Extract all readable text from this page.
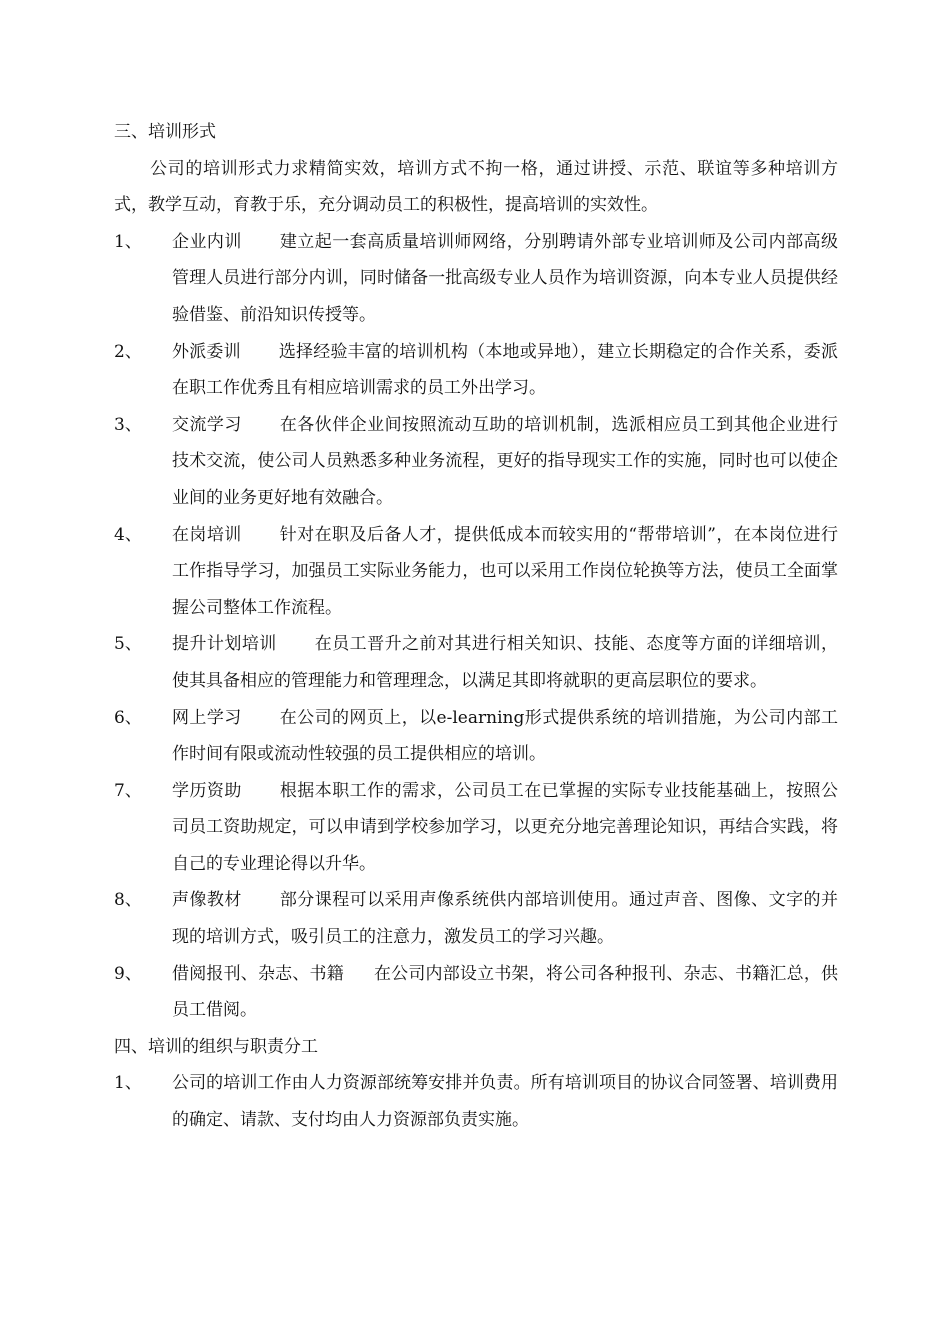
三、培训形式

公司的培训形式力求精简实效，培训方式不拘一格，通过讲授、示范、联谊等多种培训方式，教学互动，育教于乐，充分调动员工的积极性，提高培训的实效性。

1、 企业内训 建立起一套高质量培训师网络，分别聘请外部专业培训师及公司内部高级管理人员进行部分内训，同时储备一批高级专业人员作为培训资源，向本专业人员提供经验借鉴、前沿知识传授等。
2、 外派委训 选择经验丰富的培训机构（本地或异地），建立长期稳定的合作关系，委派在职工作优秀且有相应培训需求的员工外出学习。
3、 交流学习 在各伙伴企业间按照流动互助的培训机制，选派相应员工到其他企业进行技术交流，使公司人员熟悉多种业务流程，更好的指导现实工作的实施，同时也可以使企业间的业务更好地有效融合。
4、 在岗培训 针对在职及后备人才，提供低成本而较实用的“帮带培训”，在本岗位进行工作指导学习，加强员工实际业务能力，也可以采用工作岗位轮换等方法，使员工全面掌握公司整体工作流程。
5、 提升计划培训 在员工晋升之前对其进行相关知识、技能、态度等方面的详细培训，使其具备相应的管理能力和管理理念，以满足其即将就职的更高层职位的要求。
6、 网上学习 在公司的网页上，以e-learning形式提供系统的培训措施，为公司内部工作时间有限或流动性较强的员工提供相应的培训。
7、 学历资助 根据本职工作的需求，公司员工在已掌握的实际专业技能基础上，按照公司员工资助规定，可以申请到学校参加学习，以更充分地完善理论知识，再结合实践，将自己的专业理论得以升华。
8、 声像教材 部分课程可以采用声像系统供内部培训使用。通过声音、图像、文字的并现的培训方式，吸引员工的注意力，激发员工的学习兴趣。
9、 借阅报刊、杂志、书籍 在公司内部设立书架，将公司各种报刊、杂志、书籍汇总，供员工借阅。

四、培训的组织与职责分工

1、 公司的培训工作由人力资源部统筹安排并负责。所有培训项目的协议合同签署、培训费用的确定、请款、支付均由人力资源部负责实施。
